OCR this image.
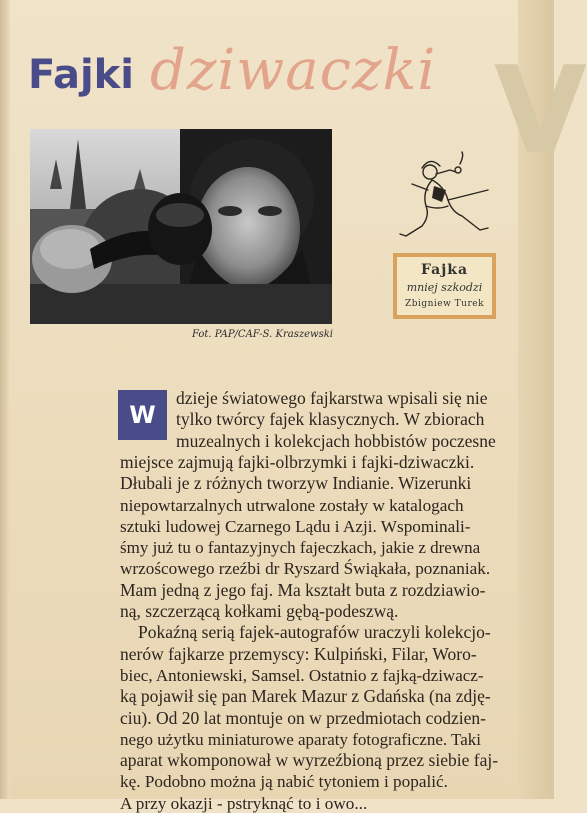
V
Fajki dziwaczki
Fot. PAP/CAF-S. Kraszewski
Fajka
mniej szkodzi
Zbigniew Turek
W
dzieje światowego fajkarstwa wpisali się nie
tylko twórcy fajek klasycznych. W zbiorach
muzealnych i kolekcjach hobbistów poczesne
miejsce zajmują fajki-olbrzymki i fajki-dziwaczki.
Dłubali je z różnych tworzyw Indianie. Wizerunki
niepowtarzalnych utrwalone zostały w katalogach
sztuki ludowej Czarnego Lądu i Azji. Wspominali-
śmy już tu o fantazyjnych fajeczkach, jakie z drewna
wrzoścowego rzeźbi dr Ryszard Świąkała, poznaniak.
Mam jedną z jego faj. Ma kształt buta z rozdziawio-
ną, szczerzącą kołkami gębą-podeszwą.
Pokaźną serią fajek-autografów uraczyli kolekcjo-
nerów fajkarze przemyscy: Kulpiński, Filar, Woro-
biec, Antoniewski, Samsel. Ostatnio z fajką-dziwacz-
ką pojawił się pan Marek Mazur z Gdańska (na zdję-
ciu). Od 20 lat montuje on w przedmiotach codzien-
nego użytku miniaturowe aparaty fotograficzne. Taki
aparat wkomponował w wyrzeźbioną przez siebie faj-
kę. Podobno można ją nabić tytoniem i popalić.
A przy okazji - pstryknąć to i owo...
